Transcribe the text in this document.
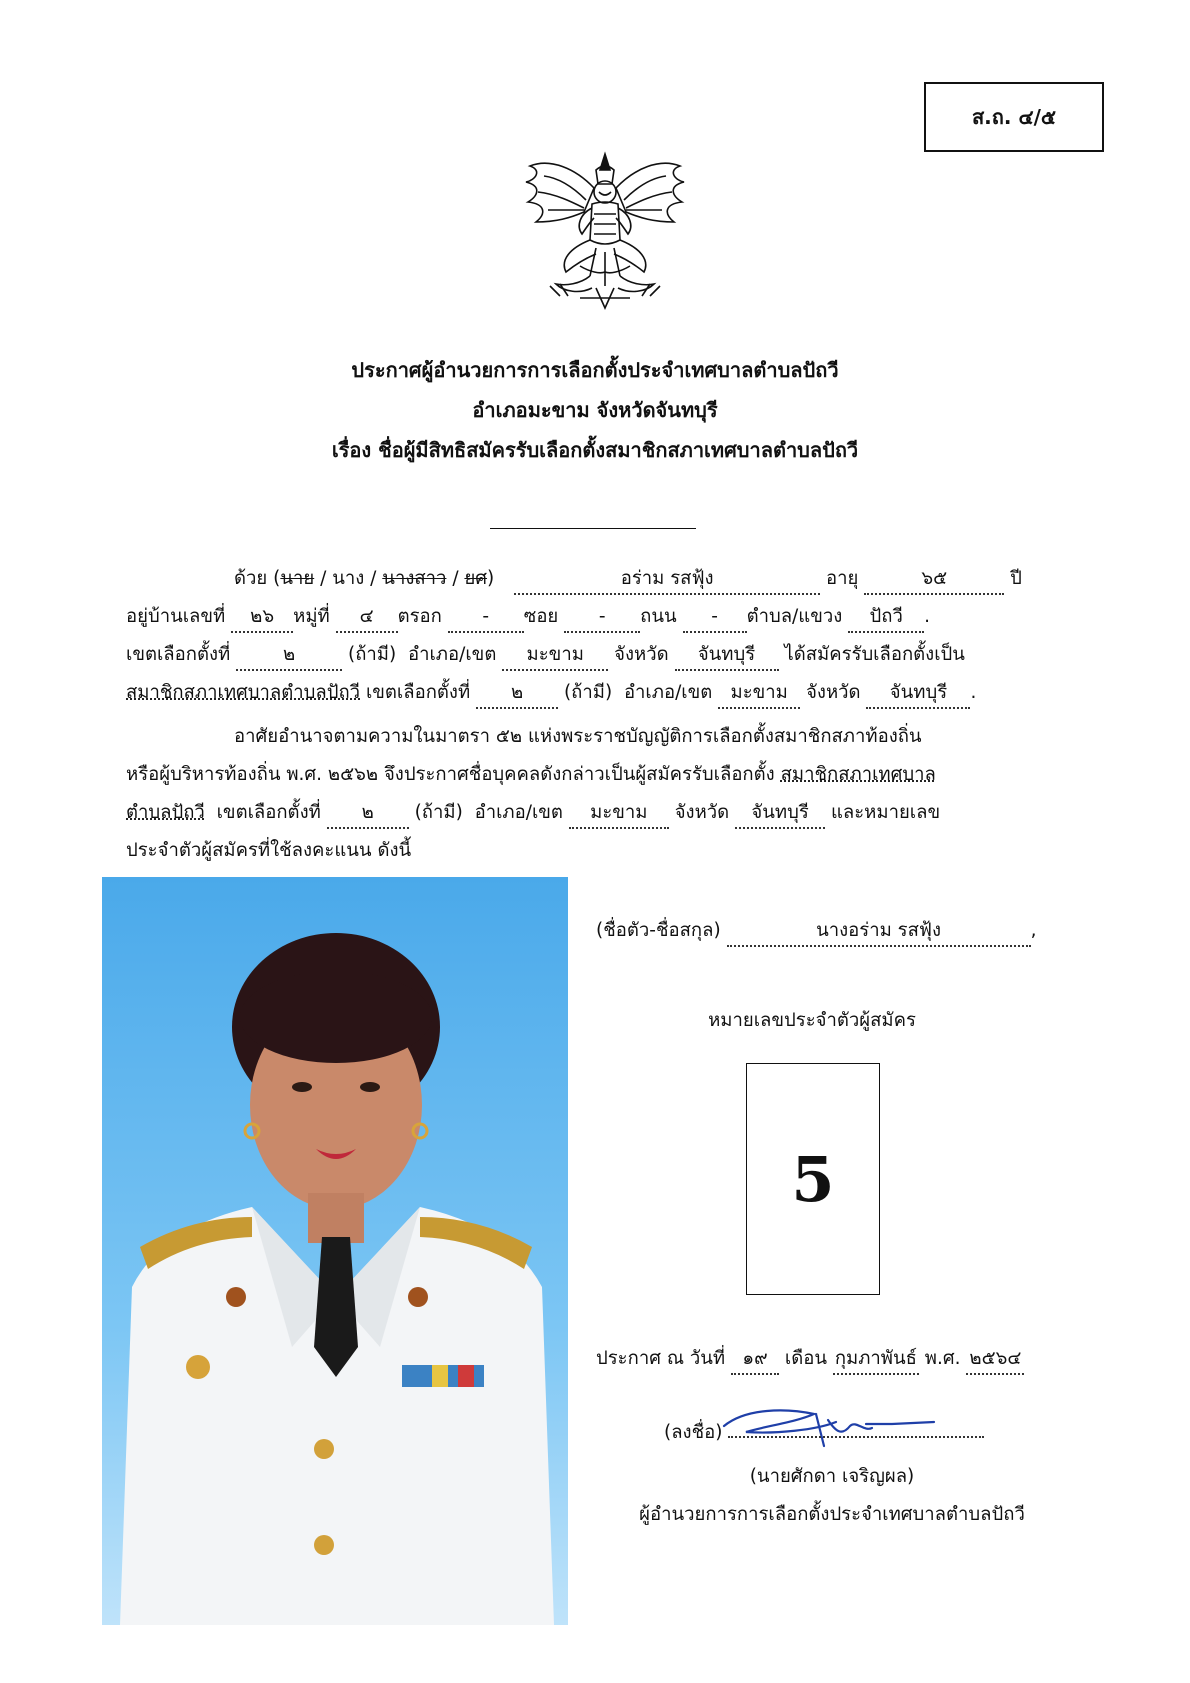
ส.ถ. ๔/๕
ประกาศผู้อำนวยการการเลือกตั้งประจำเทศบาลตำบลปัถวี
อำเภอมะขาม จังหวัดจันทบุรี
เรื่อง ชื่อผู้มีสิทธิสมัครรับเลือกตั้งสมาชิกสภาเทศบาลตำบลปัถวี
ด้วย (นาย / นาง / นางสาว / ยศ)	อร่าม รสฟุ้ง	อายุ	๖๕	ปี
อยู่บ้านเลขที่ ๒๖ หมู่ที่ ๔ ตรอก - ซอย - ถนน - ตำบล/แขวง ปัถวี .
เขตเลือกตั้งที่	๒	(ถ้ามี) อำเภอ/เขต มะขาม จังหวัด จันทบุรี ได้สมัครรับเลือกตั้งเป็น
สมาชิกสภาเทศบาลตำบลปัถวี เขตเลือกตั้งที่ ๒ (ถ้ามี) อำเภอ/เขต มะขาม จังหวัด จันทบุรี .
อาศัยอำนาจตามความในมาตรา ๕๒ แห่งพระราชบัญญัติการเลือกตั้งสมาชิกสภาท้องถิ่น
หรือผู้บริหารท้องถิ่น พ.ศ. ๒๕๖๒ จึงประกาศชื่อบุคคลดังกล่าวเป็นผู้สมัครรับเลือกตั้ง สมาชิกสภาเทศบาล
ตำบลปัถวี เขตเลือกตั้งที่ ๒ (ถ้ามี) อำเภอ/เขต มะขาม จังหวัด จันทบุรี และหมายเลข
ประจำตัวผู้สมัครที่ใช้ลงคะแนน ดังนี้
(ชื่อตัว-ชื่อสกุล)	นางอร่าม รสฟุ้ง	,
หมายเลขประจำตัวผู้สมัคร
5
ประกาศ ณ วันที่ ๑๙ เดือน กุมภาพันธ์ พ.ศ. ๒๕๖๔
(ลงชื่อ)
(นายศักดา เจริญผล)
ผู้อำนวยการการเลือกตั้งประจำเทศบาลตำบลปัถวี
